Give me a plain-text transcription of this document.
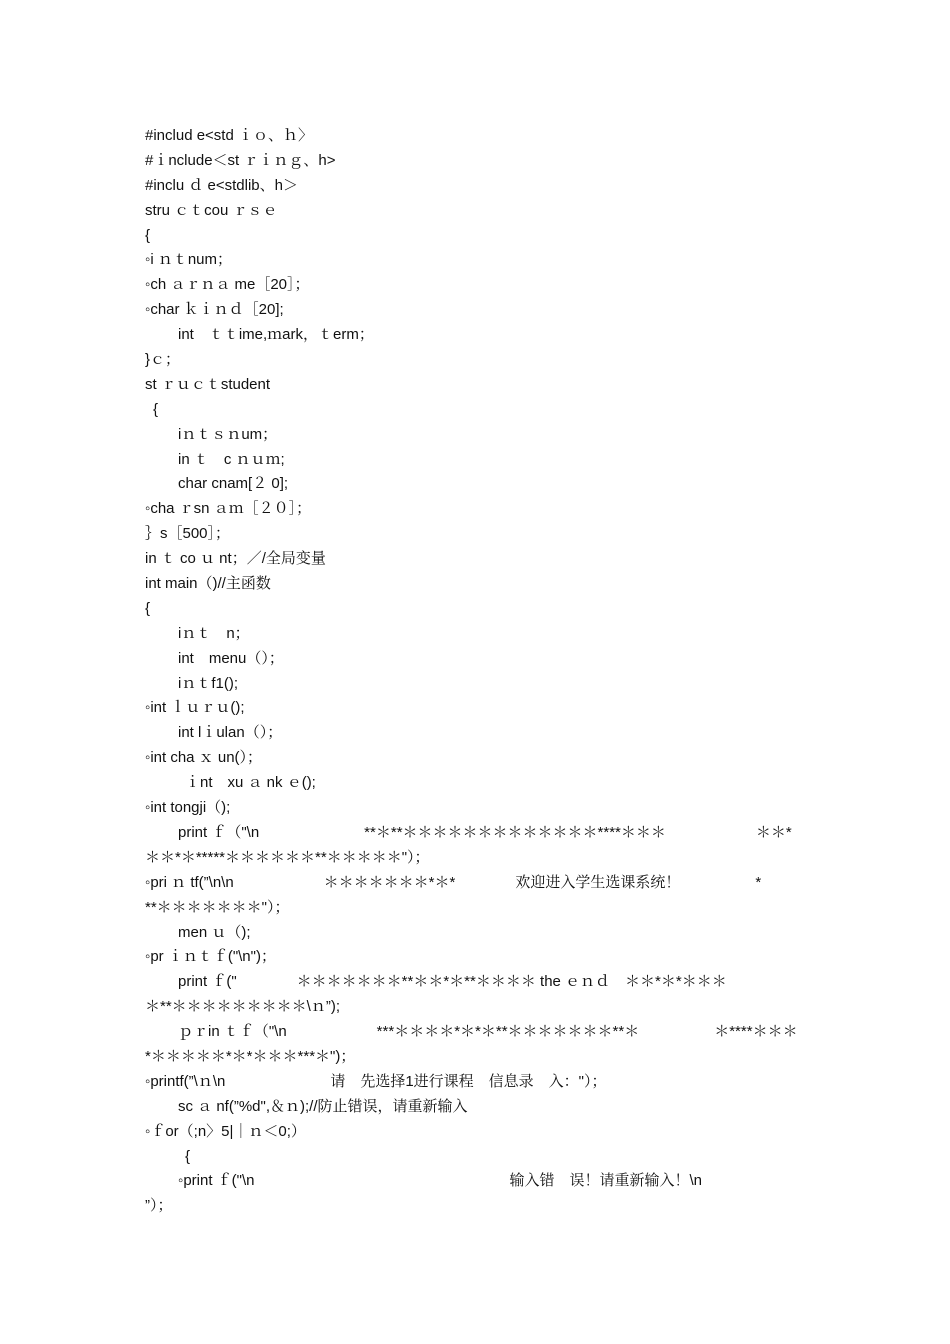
#includ e<std ｉｏ、ｈ〉
#ｉnclude＜st ｒｉｎｇ、h>
#inclu ｄ e<stdlib、h＞
stru ｃｔcou ｒｓｅ
{
◦i ｎｔnum；
◦ch ａｒｎａ me［20］；
◦char ｋｉｎｄ［20];
int　ｔｔime,ｍark，ｔerm；
}ｃ；
st ｒｕｃｔstudent
{
iｎｔｓｎum；
in ｔ　c ｎｕｍ;
char cnam[２ 0];
◦cha ｒsn ａｍ［２０］；
｝s［500］；
in ｔ co ｕ nt；／/全局变量
int main（)//主函数
{
iｎｔ　n；
int　menu（）；
iｎｔf1();
◦int ｌｕｒｕ();
int lｉulan（）；
◦int cha ｘ un(）；
ｉnt　xu ａ nk ｅ();
◦int tongji（);
print ｆ（"\n　　　　　　　**＊**＊＊＊＊＊＊＊＊＊＊＊＊＊****＊＊＊　　　　　　＊＊*
＊＊*＊*****＊＊＊＊＊＊**＊＊＊＊＊"）；
◦pri ｎ tf(”\n\n　　　　　　＊＊＊＊＊＊＊*＊*　　　　欢迎进入学生选课系统！　　　　　*
**＊＊＊＊＊＊＊"）；
men ｕ（);
◦pr ｉｎｔｆ("\n")；
print ｆ("　　　　＊＊＊＊＊＊＊**＊＊*＊**＊＊＊＊ the ｅｎｄ　＊＊*＊*＊＊＊
＊**＊＊＊＊＊＊＊＊＊\ｎ”);
ｐｒin ｔｆ（"\n　　　　　　***＊＊＊＊*＊*＊**＊＊＊＊＊＊＊**＊　　　　　＊****＊＊＊
*＊＊＊＊＊*＊*＊＊＊***＊")；
◦printf(”\ｎ\n　　　　　　　请　先选择1进行课程　信息录　入："）；
sc ａ nf(”%d",＆ｎ);//防止错误，请重新输入
◦ｆor（;n〉5|｜ｎ＜0;）
{
◦print ｆ("\n　　　　　　　　　　　　　　　　　输入错　误！请重新输入！\n
”）；
